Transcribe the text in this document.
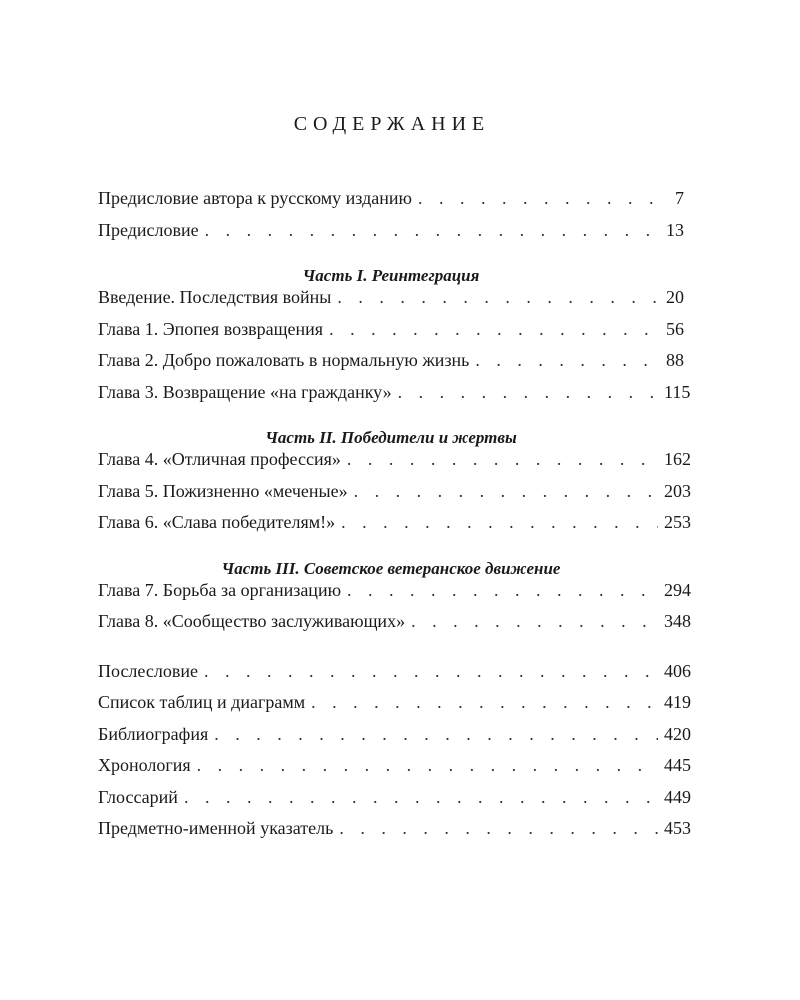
СОДЕРЖАНИЕ
Предисловие автора к русскому изданию . . .	7
Предисловие . . .	13
Часть I. Реинтеграция
Введение. Последствия войны . . .	20
Глава 1. Эпопея возвращения . . .	56
Глава 2. Добро пожаловать в нормальную жизнь . . .	88
Глава 3. Возвращение «на гражданку» . . .	115
Часть II. Победители и жертвы
Глава 4. «Отличная профессия» . . .	162
Глава 5. Пожизненно «меченые» . . .	203
Глава 6. «Слава победителям!» . . .	253
Часть III. Советское ветеранское движение
Глава 7. Борьба за организацию . . .	294
Глава 8. «Сообщество заслуживающих» . . .	348
Послесловие . . .	406
Список таблиц и диаграмм . . .	419
Библиография . . .	420
Хронология . . .	445
Глоссарий . . .	449
Предметно-именной указатель . . .	453
